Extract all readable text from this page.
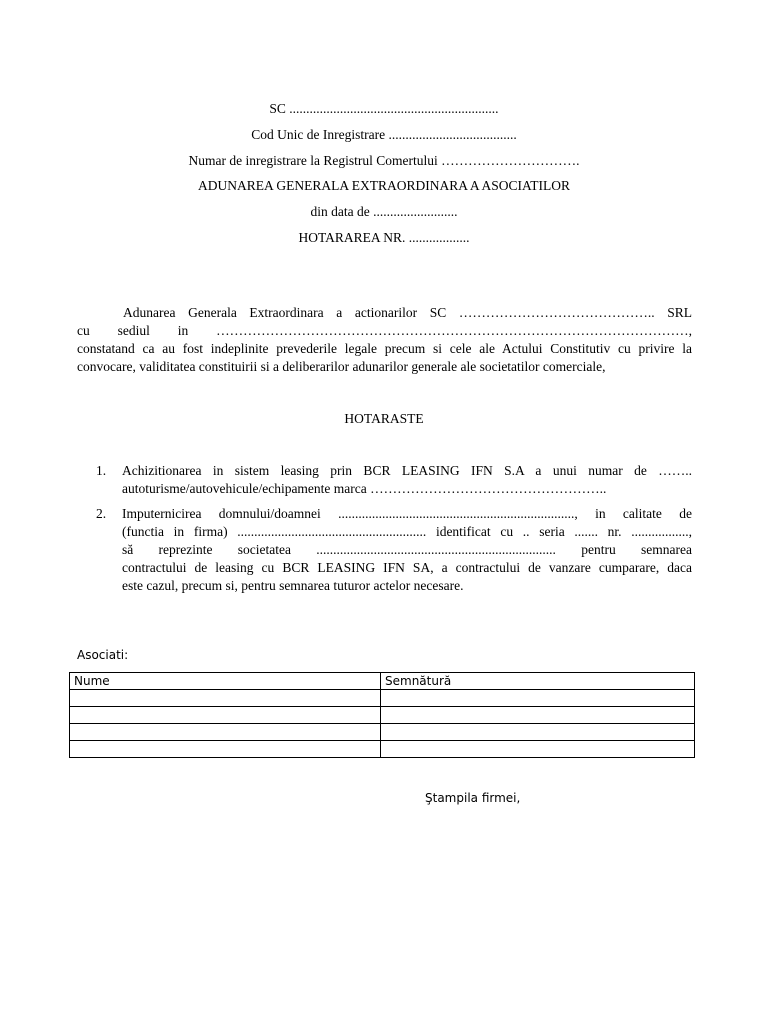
SC ..............................................................
Cod Unic de Inregistrare ......................................
Numar de inregistrare la Registrul Comertului ………………………….
ADUNAREA GENERALA EXTRAORDINARA A ASOCIATILOR
din data de .........................
HOTARAREA NR. ..................
Adunarea Generala Extraordinara a actionarilor SC …………………………………….. SRL
cu sediul in ……………………………………………………………………………………………,
constatand ca au fost indeplinite prevederile legale precum si cele ale Actului Constitutiv cu privire la
convocare, validitatea constituirii si a deliberarilor adunarilor generale ale societatilor comerciale,
HOTARASTE
1. Achizitionarea in sistem leasing prin BCR LEASING IFN S.A a unui numar de ……..
autoturisme/autovehicule/echipamente marca ……………………………………………..
2. Imputernicirea domnului/doamnei ......................................................................, in calitate de
(functia in firma) ........................................................ identificat cu .. seria ....... nr. .................,
să reprezinte societatea ....................................................................... pentru semnarea
contractului de leasing cu BCR LEASING IFN SA, a contractului de vanzare cumparare, daca
este cazul, precum si, pentru semnarea tuturor actelor necesare.
Asociati:
Nume	Semnătură

Ştampila firmei,
